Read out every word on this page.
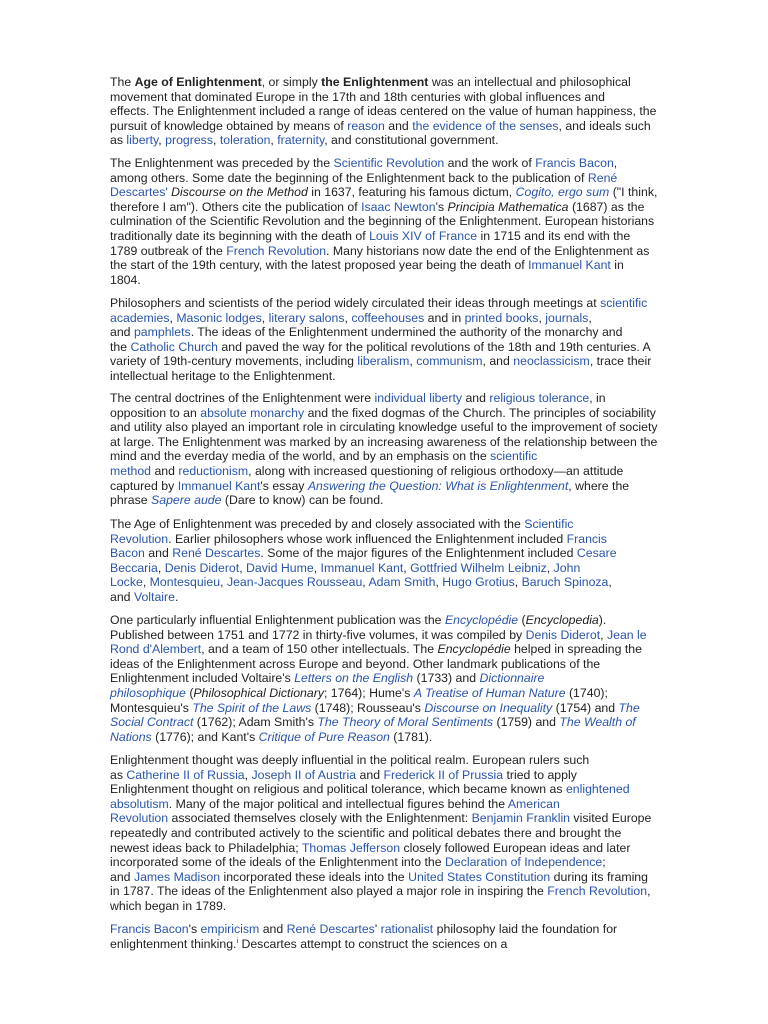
The Age of Enlightenment, or simply the Enlightenment was an intellectual and philosophical
movement that dominated Europe in the 17th and 18th centuries with global influences and
effects. The Enlightenment included a range of ideas centered on the value of human happiness, the
pursuit of knowledge obtained by means of reason and the evidence of the senses, and ideals such
as liberty, progress, toleration, fraternity, and constitutional government.

The Enlightenment was preceded by the Scientific Revolution and the work of Francis Bacon,
among others. Some date the beginning of the Enlightenment back to the publication of René
Descartes' Discourse on the Method in 1637, featuring his famous dictum, Cogito, ergo sum ("I think,
therefore I am"). Others cite the publication of Isaac Newton's Principia Mathematica (1687) as the
culmination of the Scientific Revolution and the beginning of the Enlightenment. European historians
traditionally date its beginning with the death of Louis XIV of France in 1715 and its end with the
1789 outbreak of the French Revolution. Many historians now date the end of the Enlightenment as
the start of the 19th century, with the latest proposed year being the death of Immanuel Kant in
1804.

Philosophers and scientists of the period widely circulated their ideas through meetings at scientific
academies, Masonic lodges, literary salons, coffeehouses and in printed books, journals,
and pamphlets. The ideas of the Enlightenment undermined the authority of the monarchy and
the Catholic Church and paved the way for the political revolutions of the 18th and 19th centuries. A
variety of 19th-century movements, including liberalism, communism, and neoclassicism, trace their
intellectual heritage to the Enlightenment.

The central doctrines of the Enlightenment were individual liberty and religious tolerance, in
opposition to an absolute monarchy and the fixed dogmas of the Church. The principles of sociability
and utility also played an important role in circulating knowledge useful to the improvement of society
at large. The Enlightenment was marked by an increasing awareness of the relationship between the
mind and the everday media of the world, and by an emphasis on the scientific
method and reductionism, along with increased questioning of religious orthodoxy—an attitude
captured by Immanuel Kant's essay Answering the Question: What is Enlightenment, where the
phrase Sapere aude (Dare to know) can be found.

The Age of Enlightenment was preceded by and closely associated with the Scientific
Revolution. Earlier philosophers whose work influenced the Enlightenment included Francis
Bacon and René Descartes. Some of the major figures of the Enlightenment included Cesare
Beccaria, Denis Diderot, David Hume, Immanuel Kant, Gottfried Wilhelm Leibniz, John
Locke, Montesquieu, Jean-Jacques Rousseau, Adam Smith, Hugo Grotius, Baruch Spinoza,
and Voltaire.

One particularly influential Enlightenment publication was the Encyclopédie (Encyclopedia).
Published between 1751 and 1772 in thirty-five volumes, it was compiled by Denis Diderot, Jean le
Rond d'Alembert, and a team of 150 other intellectuals. The Encyclopédie helped in spreading the
ideas of the Enlightenment across Europe and beyond. Other landmark publications of the
Enlightenment included Voltaire's Letters on the English (1733) and Dictionnaire
philosophique (Philosophical Dictionary; 1764); Hume's A Treatise of Human Nature (1740);
Montesquieu's The Spirit of the Laws (1748); Rousseau's Discourse on Inequality (1754) and The
Social Contract (1762); Adam Smith's The Theory of Moral Sentiments (1759) and The Wealth of
Nations (1776); and Kant's Critique of Pure Reason (1781).

Enlightenment thought was deeply influential in the political realm. European rulers such
as Catherine II of Russia, Joseph II of Austria and Frederick II of Prussia tried to apply
Enlightenment thought on religious and political tolerance, which became known as enlightened
absolutism. Many of the major political and intellectual figures behind the American
Revolution associated themselves closely with the Enlightenment: Benjamin Franklin visited Europe
repeatedly and contributed actively to the scientific and political debates there and brought the
newest ideas back to Philadelphia; Thomas Jefferson closely followed European ideas and later
incorporated some of the ideals of the Enlightenment into the Declaration of Independence;
and James Madison incorporated these ideals into the United States Constitution during its framing
in 1787. The ideas of the Enlightenment also played a major role in inspiring the French Revolution,
which began in 1789.

Francis Bacon's empiricism and René Descartes' rationalist philosophy laid the foundation for
enlightenment thinking.$^i$ Descartes attempt to construct the sciences on a
